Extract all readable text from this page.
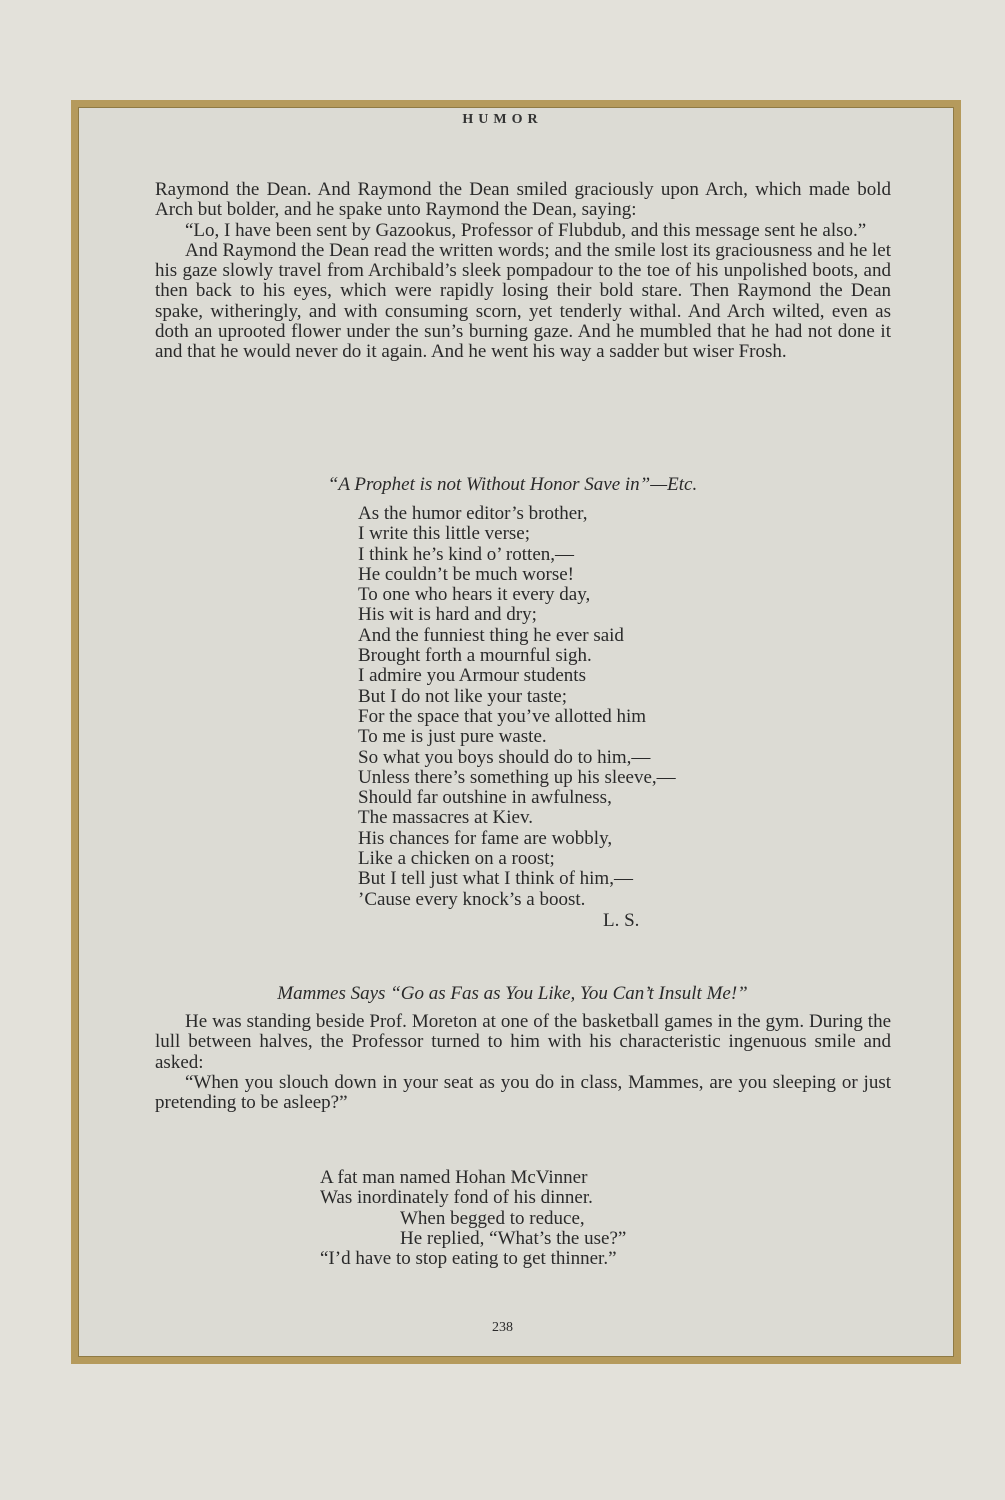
HUMOR

Raymond the Dean. And Raymond the Dean smiled graciously upon Arch, which made bold Arch but bolder, and he spake unto Raymond the Dean, saying:

“Lo, I have been sent by Gazookus, Professor of Flubdub, and this message sent he also.”

And Raymond the Dean read the written words; and the smile lost its graciousness and he let his gaze slowly travel from Archibald’s sleek pompadour to the toe of his unpolished boots, and then back to his eyes, which were rapidly losing their bold stare. Then Raymond the Dean spake, witheringly, and with consuming scorn, yet tenderly withal. And Arch wilted, even as doth an uprooted flower under the sun’s burning gaze. And he mumbled that he had not done it and that he would never do it again. And he went his way a sadder but wiser Frosh.

“A Prophet is not Without Honor Save in”—Etc.
As the humor editor’s brother,
I write this little verse;
I think he’s kind o’ rotten,—
He couldn’t be much worse!
To one who hears it every day,
His wit is hard and dry;
And the funniest thing he ever said
Brought forth a mournful sigh.
I admire you Armour students
But I do not like your taste;
For the space that you’ve allotted him
To me is just pure waste.
So what you boys should do to him,—
Unless there’s something up his sleeve,—
Should far outshine in awfulness,
The massacres at Kiev.
His chances for fame are wobbly,
Like a chicken on a roost;
But I tell just what I think of him,—
’Cause every knock’s a boost.
L. S.
Mammes Says “Go as Fas as You Like, You Can’t Insult Me!”

He was standing beside Prof. Moreton at one of the basketball games in the gym. During the lull between halves, the Professor turned to him with his characteristic ingenuous smile and asked:

“When you slouch down in your seat as you do in class, Mammes, are you sleeping or just pretending to be asleep?”

A fat man named Hohan McVinner
Was inordinately fond of his dinner.
When begged to reduce,
He replied, “What’s the use?”
“I’d have to stop eating to get thinner.”
238
